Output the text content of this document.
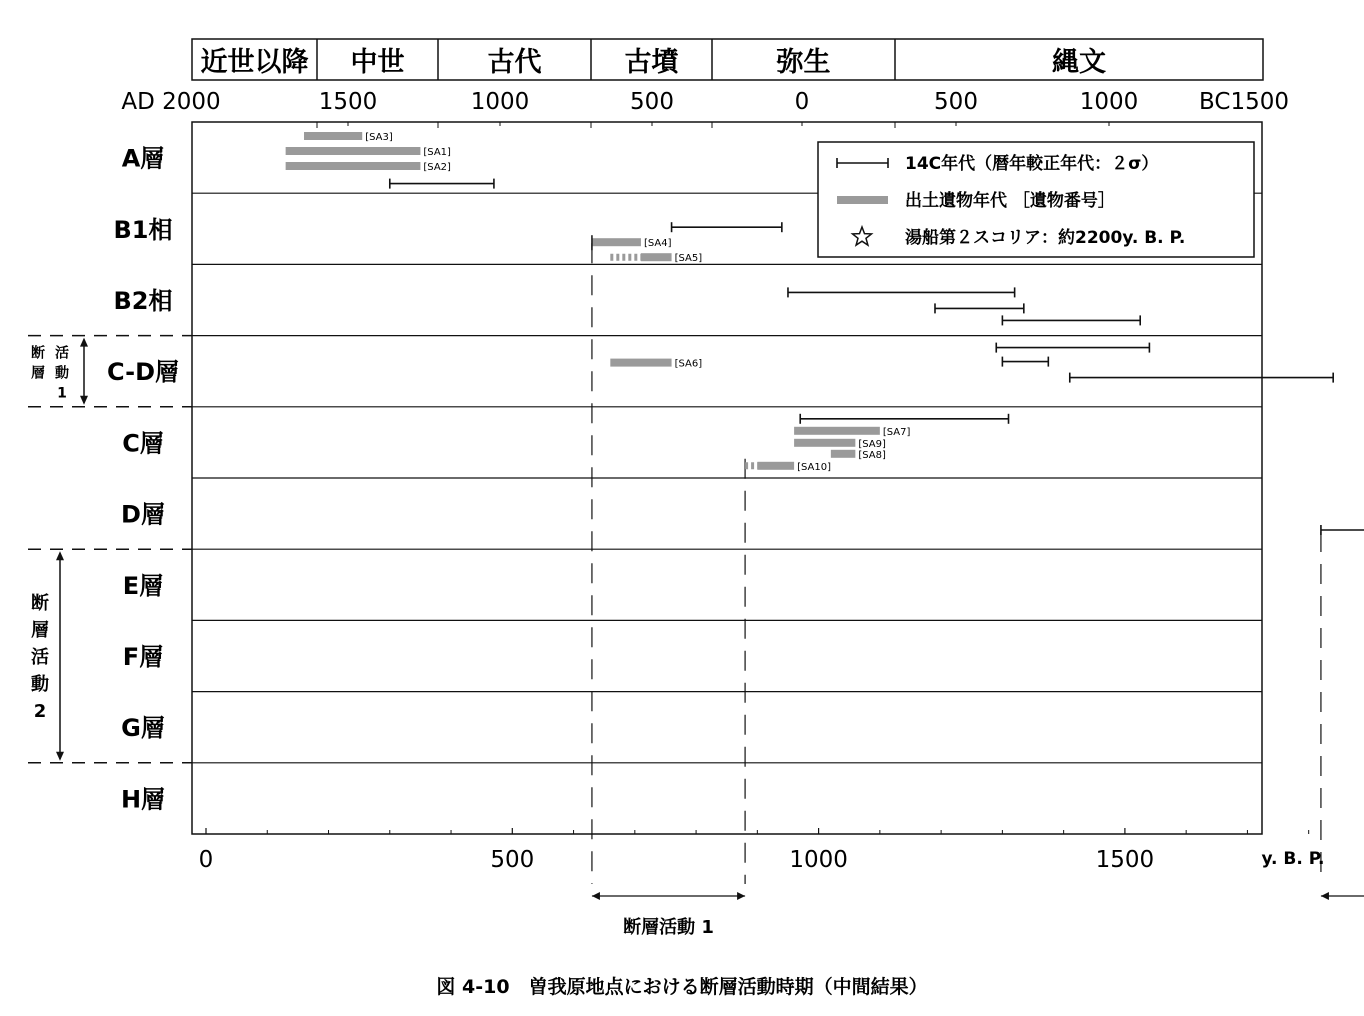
近世以降 中世	古代	古墳	弥生	縄文
AD 2000	1500	1000	500	0	500	1000	BC1500
A層
B1相
B2相
C-D層
C層
D層
E層
F層
G層
H層
[SA3]
[SA1]
[SA2]
[SA4]
[SA5]
[SA6]
[SA7]
[SA9]
[SA8]
[SA10]
14C年代（暦年較正年代：２σ）
出土遺物年代 ［遺物番号］
湯船第２スコリア：約2200y. B. P.
0	500	1000	1500	y. B. P.
断層活動 1
断
層
活
動
1
断
層
活
動
2
図 4-10　曽我原地点における断層活動時期（中間結果）
